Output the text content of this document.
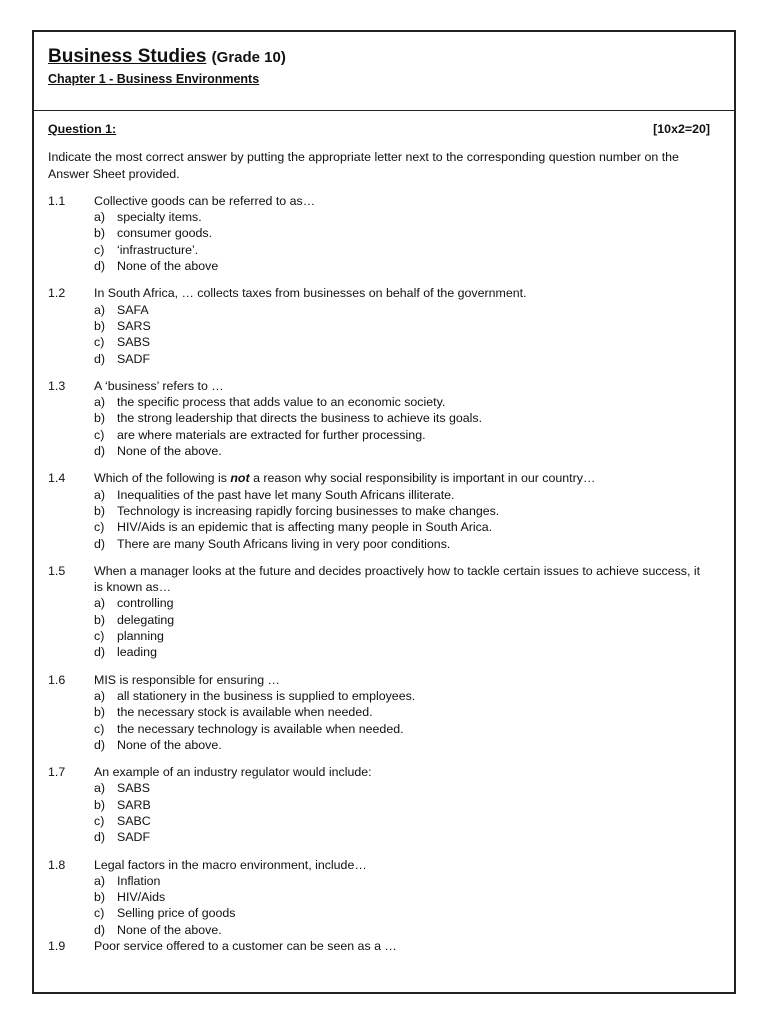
Business Studies (Grade 10)
Chapter 1 - Business Environments
Question 1:	[10x2=20]
Indicate the most correct answer by putting the appropriate letter next to the corresponding question number on the Answer Sheet provided.
1.1	Collective goods can be referred to as…
a) specialty items.
b) consumer goods.
c)	‘infrastructure’.
d) None of the above
1.2	In South Africa, … collects taxes from businesses on behalf of the government.
a) SAFA
b) SARS
c)	SABS
d) SADF
1.3	A ‘business’ refers to …
a) the specific process that adds value to an economic society.
b) the strong leadership that directs the business to achieve its goals.
c)	are where materials are extracted for further processing.
d) None of the above.
1.4	Which of the following is not a reason why social responsibility is important in our country…
a) Inequalities of the past have let many South Africans illiterate.
b) Technology is increasing rapidly forcing businesses to make changes.
c)	HIV/Aids is an epidemic that is affecting many people in South Arica.
d) There are many South Africans living in very poor conditions.
1.5	When a manager looks at the future and decides proactively how to tackle certain issues to achieve success, it is known as…
a) controlling
b) delegating
c)	planning
d) leading
1.6	MIS is responsible for ensuring …
a) all stationery in the business is supplied to employees.
b) the necessary stock is available when needed.
c)	the necessary technology is available when needed.
d) None of the above.
1.7	An example of an industry regulator would include:
a) SABS
b) SARB
c)	SABC
d) SADF
1.8	Legal factors in the macro environment, include…
a) Inflation
b) HIV/Aids
c)	Selling price of goods
d) None of the above.
1.9	Poor service offered to a customer can be seen as a …
